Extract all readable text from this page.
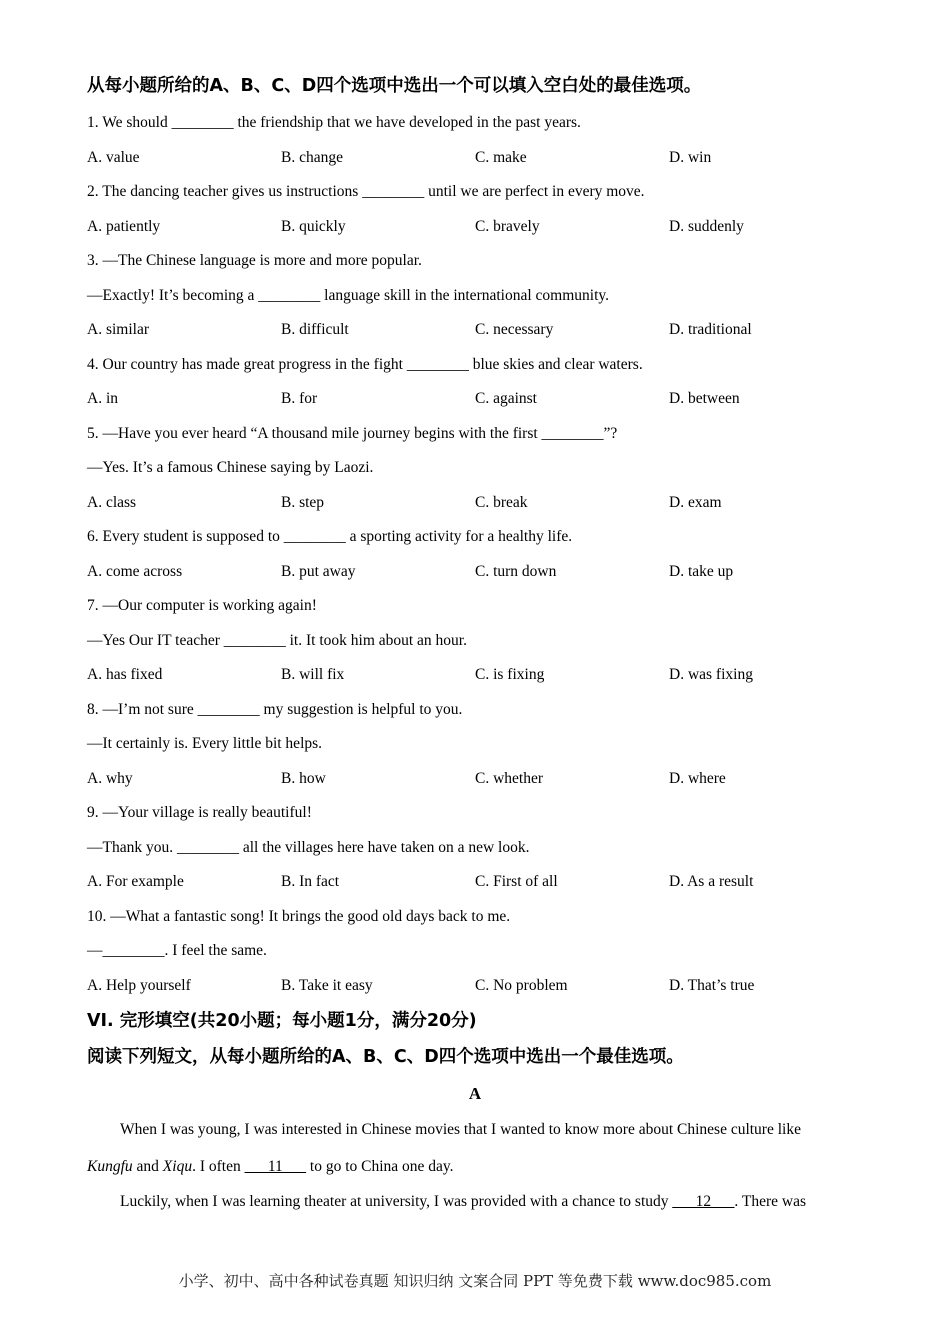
从每小题所给的A、B、C、D四个选项中选出一个可以填入空白处的最佳选项。
1. We should ________ the friendship that we have developed in the past years.
A. value	B. change	C. make	D. win
2. The dancing teacher gives us instructions ________ until we are perfect in every move.
A. patiently	B. quickly	C. bravely	D. suddenly
3. —The Chinese language is more and more popular.
—Exactly! It’s becoming a ________ language skill in the international community.
A. similar	B. difficult	C. necessary	D. traditional
4. Our country has made great progress in the fight ________ blue skies and clear waters.
A. in	B. for	C. against	D. between
5. —Have you ever heard “A thousand mile journey begins with the first ________”?
—Yes. It’s a famous Chinese saying by Laozi.
A. class	B. step	C. break	D. exam
6. Every student is supposed to ________ a sporting activity for a healthy life.
A. come across	B. put away	C. turn down	D. take up
7. —Our computer is working again!
—Yes Our IT teacher ________ it. It took him about an hour.
A. has fixed	B. will fix	C. is fixing	D. was fixing
8. —I’m not sure ________ my suggestion is helpful to you.
—It certainly is. Every little bit helps.
A. why	B. how	C. whether	D. where
9. —Your village is really beautiful!
—Thank you. ________ all the villages here have taken on a new look.
A. For example	B. In fact	C. First of all	D. As a result
10. —What a fantastic song! It brings the good old days back to me.
—________. I feel the same.
A. Help yourself	B. Take it easy	C. No problem	D. That’s true
VI. 完形填空(共20小题；每小题1分，满分20分)
阅读下列短文，从每小题所给的A、B、C、D四个选项中选出一个最佳选项。
A
When I was young, I was interested in Chinese movies that I wanted to know more about Chinese culture like
Kungfu and Xiqu. I often ___11___ to go to China one day.
Luckily, when I was learning theater at university, I was provided with a chance to study ___12___. There was
小学、初中、高中各种试卷真题 知识归纳 文案合同 PPT 等免费下载 www.doc985.com
